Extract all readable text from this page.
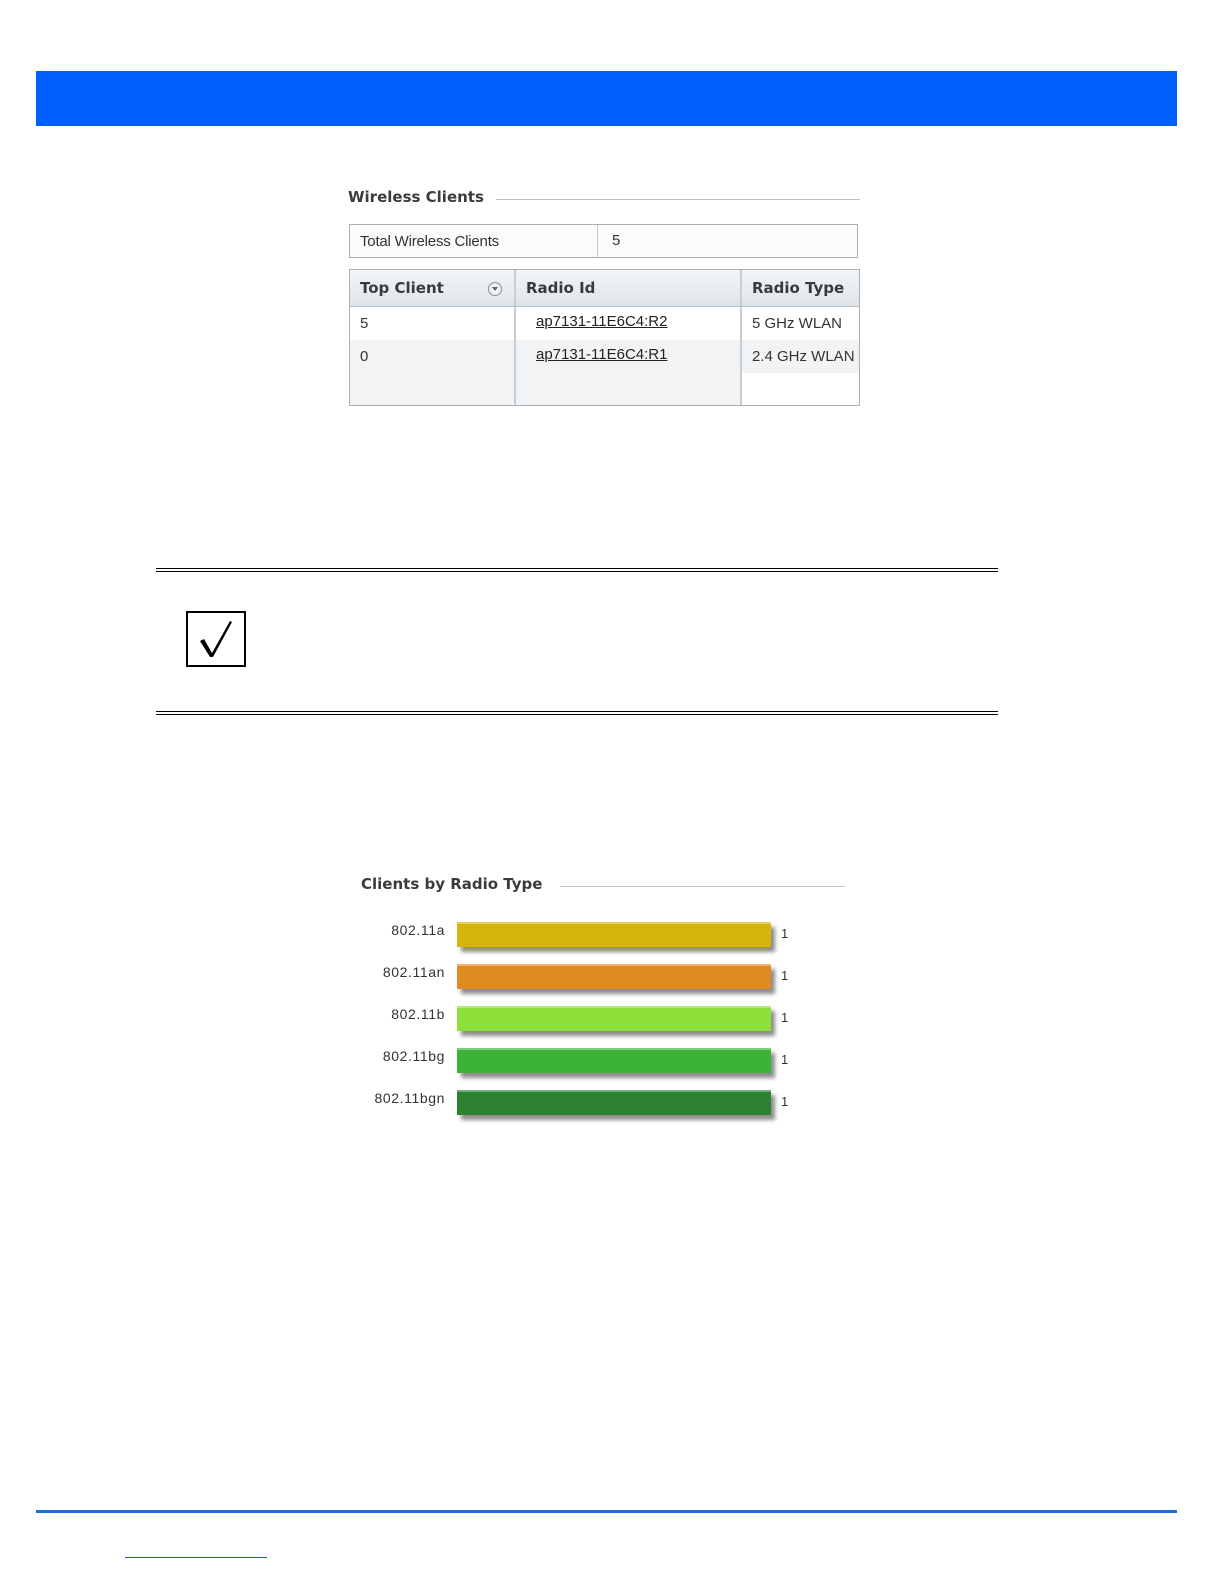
Wireless Clients
Total Wireless Clients	5
Top Client	Radio Id	Radio Type
5	ap7131-11E6C4:R2	5 GHz WLAN
0	ap7131-11E6C4:R1	2.4 GHz WLAN
Clients by Radio Type
802.11a	1
802.11an	1
802.11b	1
802.11bg	1
802.11bgn	1
